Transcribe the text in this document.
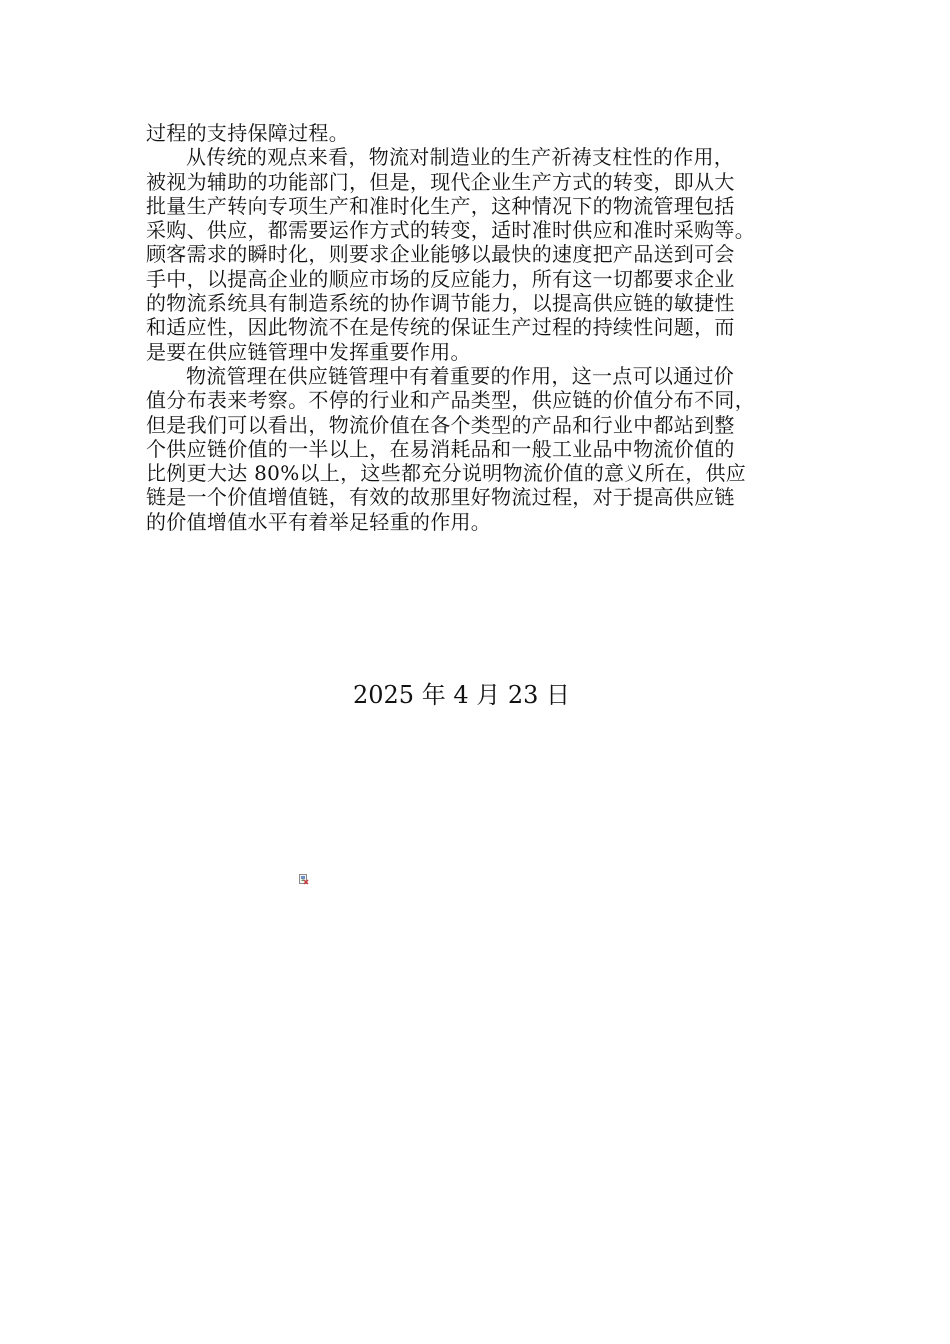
过程的支持保障过程。
从传统的观点来看，物流对制造业的生产祈祷支柱性的作用，
被视为辅助的功能部门，但是，现代企业生产方式的转变，即从大
批量生产转向专项生产和准时化生产，这种情况下的物流管理包括
采购、供应，都需要运作方式的转变，适时准时供应和准时采购等。
顾客需求的瞬时化，则要求企业能够以最快的速度把产品送到可会
手中，以提高企业的顺应市场的反应能力，所有这一切都要求企业
的物流系统具有制造系统的协作调节能力，以提高供应链的敏捷性
和适应性，因此物流不在是传统的保证生产过程的持续性问题，而
是要在供应链管理中发挥重要作用。
物流管理在供应链管理中有着重要的作用，这一点可以通过价
值分布表来考察。不停的行业和产品类型，供应链的价值分布不同，
但是我们可以看出，物流价值在各个类型的产品和行业中都站到整
个供应链价值的一半以上，在易消耗品和一般工业品中物流价值的
比例更大达 80%以上，这些都充分说明物流价值的意义所在，供应
链是一个价值增值链，有效的故那里好物流过程，对于提高供应链
的价值增值水平有着举足轻重的作用。
2025 年 4 月 23 日
